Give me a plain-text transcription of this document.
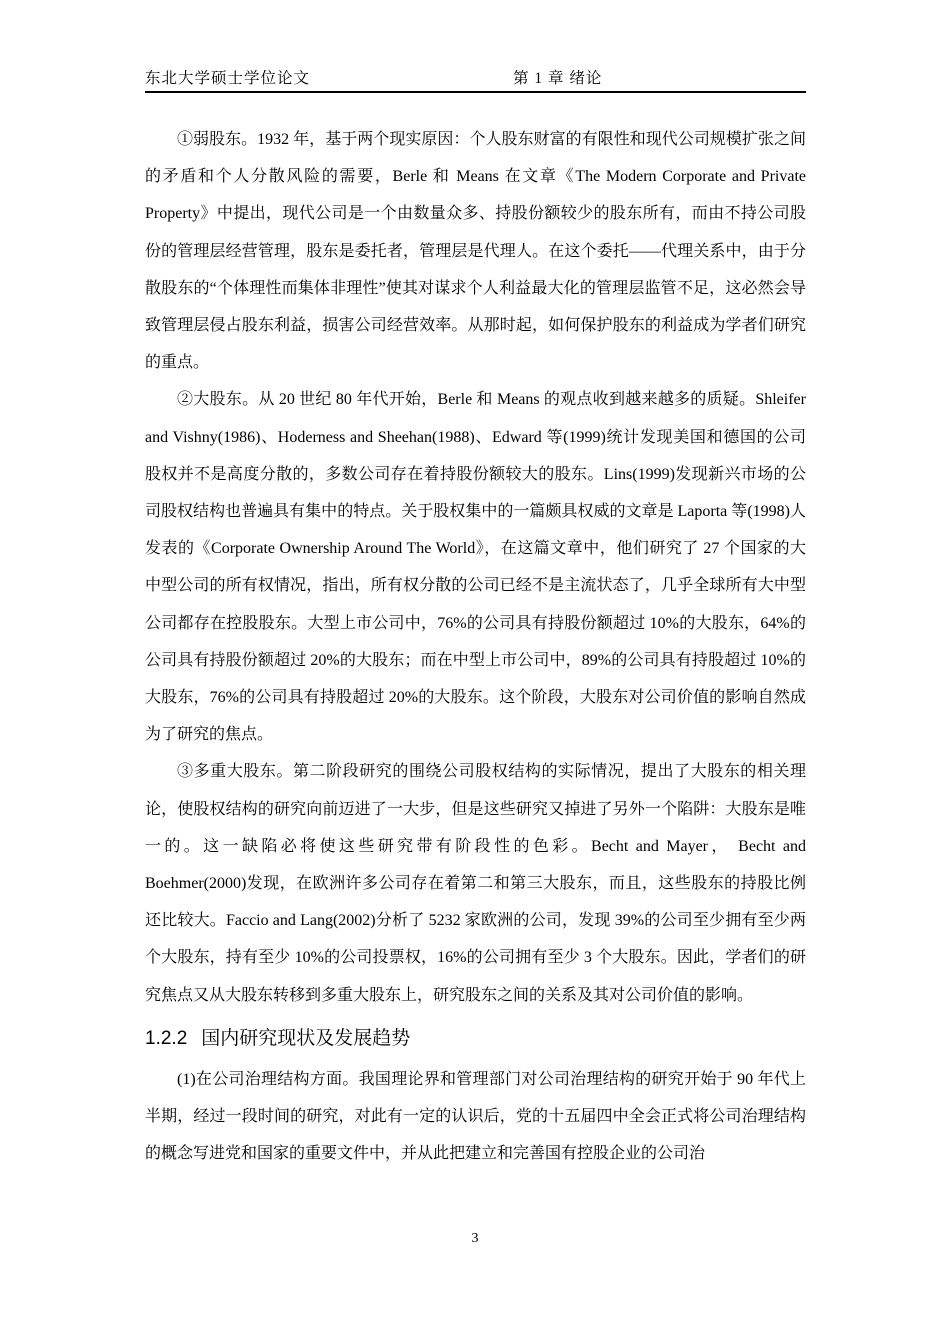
东北大学硕士学位论文	第 1 章 绪论

①弱股东。1932 年，基于两个现实原因：个人股东财富的有限性和现代公司规模扩张之间的矛盾和个人分散风险的需要，Berle 和 Means 在文章《The Modern Corporate and Private Property》中提出，现代公司是一个由数量众多、持股份额较少的股东所有，而由不持公司股份的管理层经营管理，股东是委托者，管理层是代理人。在这个委托——代理关系中，由于分散股东的“个体理性而集体非理性”使其对谋求个人利益最大化的管理层监管不足，这必然会导致管理层侵占股东利益，损害公司经营效率。从那时起，如何保护股东的利益成为学者们研究的重点。

②大股东。从 20 世纪 80 年代开始，Berle 和 Means 的观点收到越来越多的质疑。Shleifer and Vishny(1986)、Hoderness and Sheehan(1988)、Edward 等(1999)统计发现美国和德国的公司股权并不是高度分散的，多数公司存在着持股份额较大的股东。Lins(1999)发现新兴市场的公司股权结构也普遍具有集中的特点。关于股权集中的一篇颇具权威的文章是 Laporta 等(1998)人发表的《Corporate Ownership Around The World》，在这篇文章中，他们研究了 27 个国家的大中型公司的所有权情况，指出，所有权分散的公司已经不是主流状态了，几乎全球所有大中型公司都存在控股股东。大型上市公司中，76%的公司具有持股份额超过 10%的大股东，64%的公司具有持股份额超过 20%的大股东；而在中型上市公司中，89%的公司具有持股超过 10%的大股东，76%的公司具有持股超过 20%的大股东。这个阶段，大股东对公司价值的影响自然成为了研究的焦点。

③多重大股东。第二阶段研究的围绕公司股权结构的实际情况，提出了大股东的相关理论，使股权结构的研究向前迈进了一大步，但是这些研究又掉进了另外一个陷阱：大股东是唯一的。这一缺陷必将使这些研究带有阶段性的色彩。Becht and Mayer， Becht and Boehmer(2000)发现，在欧洲许多公司存在着第二和第三大股东，而且，这些股东的持股比例还比较大。Faccio and Lang(2002)分析了 5232 家欧洲的公司，发现 39%的公司至少拥有至少两个大股东，持有至少 10%的公司投票权，16%的公司拥有至少 3 个大股东。因此，学者们的研究焦点又从大股东转移到多重大股东上，研究股东之间的关系及其对公司价值的影响。

1.2.2 国内研究现状及发展趋势

(1)在公司治理结构方面。我国理论界和管理部门对公司治理结构的研究开始于 90 年代上半期，经过一段时间的研究，对此有一定的认识后，党的十五届四中全会正式将公司治理结构的概念写进党和国家的重要文件中，并从此把建立和完善国有控股企业的公司治

3
